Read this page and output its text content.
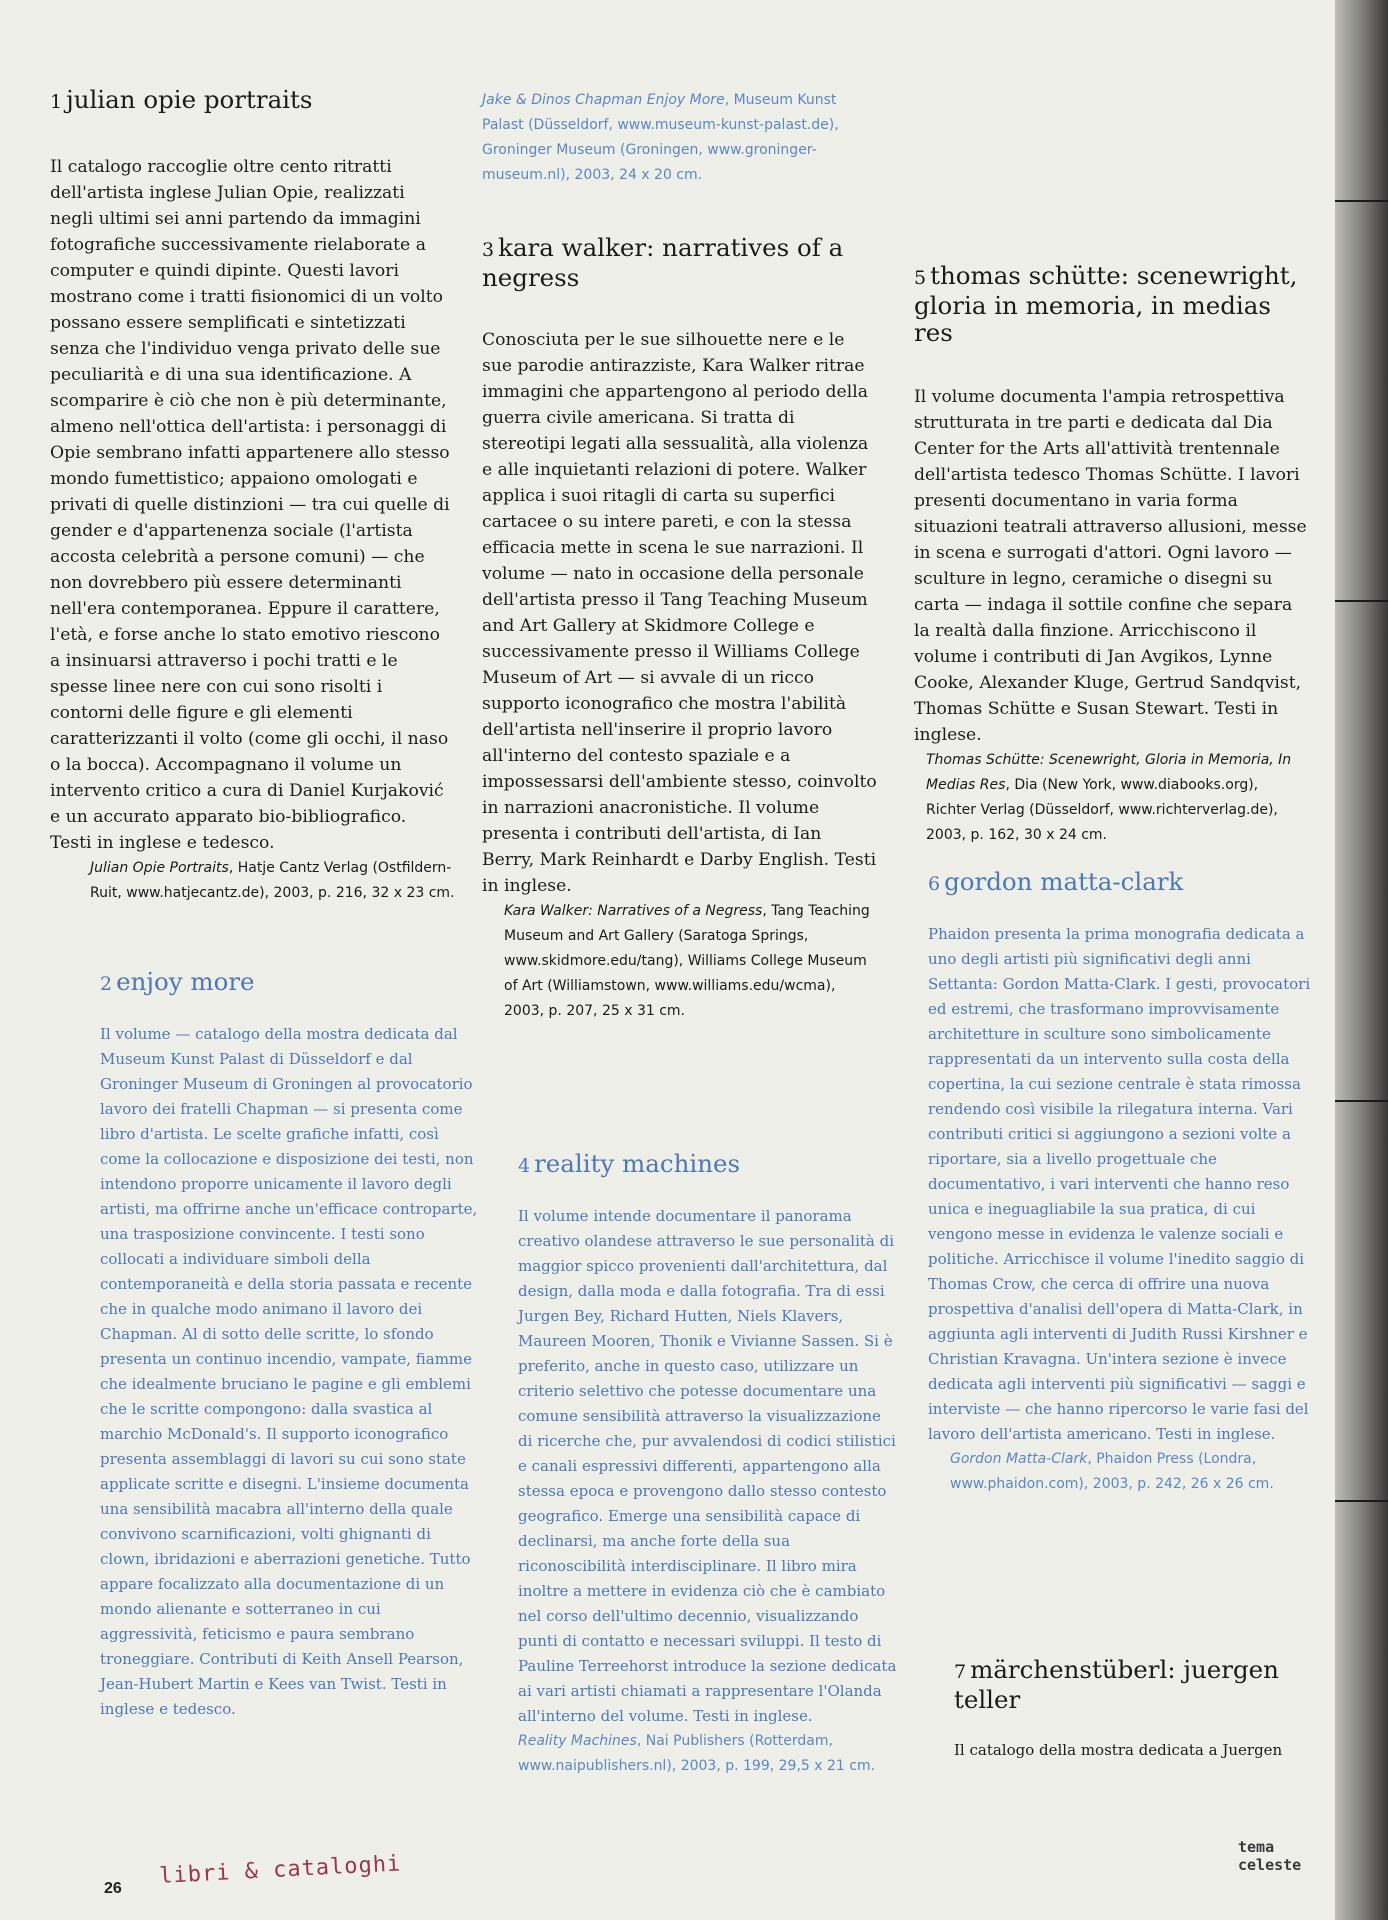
1 julian opie portraits

Il catalogo raccoglie oltre cento ritratti dell'artista inglese Julian Opie, realizzati negli ultimi sei anni partendo da immagini fotografiche successivamente rielaborate a computer e quindi dipinte. Questi lavori mostrano come i tratti fisionomici di un volto possano essere semplificati e sintetizzati senza che l'individuo venga privato delle sue peculiarità e di una sua identificazione. A scomparire è ciò che non è più determinante, almeno nell'ottica dell'artista: i personaggi di Opie sembrano infatti appartenere allo stesso mondo fumettistico; appaiono omologati e privati di quelle distinzioni — tra cui quelle di gender e d'appartenenza sociale (l'artista accosta celebrità a persone comuni) — che non dovrebbero più essere determinanti nell'era contemporanea. Eppure il carattere, l'età, e forse anche lo stato emotivo riescono a insinuarsi attraverso i pochi tratti e le spesse linee nere con cui sono risolti i contorni delle figure e gli elementi caratterizzanti il volto (come gli occhi, il naso o la bocca). Accompagnano il volume un intervento critico a cura di Daniel Kurjaković e un accurato apparato bio-bibliografico. Testi in inglese e tedesco.

Julian Opie Portraits, Hatje Cantz Verlag (Ostfildern-Ruit, www.hatjecantz.de), 2003, p. 216, 32 x 23 cm.
2 enjoy more

Il volume — catalogo della mostra dedicata dal Museum Kunst Palast di Düsseldorf e dal Groninger Museum di Groningen al provocatorio lavoro dei fratelli Chapman — si presenta come libro d'artista. Le scelte grafiche infatti, così come la collocazione e disposizione dei testi, non intendono proporre unicamente il lavoro degli artisti, ma offrirne anche un'efficace controparte, una trasposizione convincente. I testi sono collocati a individuare simboli della contemporaneità e della storia passata e recente che in qualche modo animano il lavoro dei Chapman. Al di sotto delle scritte, lo sfondo presenta un continuo incendio, vampate, fiamme che idealmente bruciano le pagine e gli emblemi che le scritte compongono: dalla svastica al marchio McDonald's. Il supporto iconografico presenta assemblaggi di lavori su cui sono state applicate scritte e disegni. L'insieme documenta una sensibilità macabra all'interno della quale convivono scarnificazioni, volti ghignanti di clown, ibridazioni e aberrazioni genetiche. Tutto appare focalizzato alla documentazione di un mondo alienante e sotterraneo in cui aggressività, feticismo e paura sembrano troneggiare. Contributi di Keith Ansell Pearson, Jean-Hubert Martin e Kees van Twist. Testi in inglese e tedesco.

Jake & Dinos Chapman Enjoy More, Museum Kunst Palast (Düsseldorf, www.museum-kunst-palast.de), Groninger Museum (Groningen, www.groninger-museum.nl), 2003, 24 x 20 cm.
3 kara walker: narratives of a negress

Conosciuta per le sue silhouette nere e le sue parodie antirazziste, Kara Walker ritrae immagini che appartengono al periodo della guerra civile americana. Si tratta di stereotipi legati alla sessualità, alla violenza e alle inquietanti relazioni di potere. Walker applica i suoi ritagli di carta su superfici cartacee o su intere pareti, e con la stessa efficacia mette in scena le sue narrazioni. Il volume — nato in occasione della personale dell'artista presso il Tang Teaching Museum and Art Gallery at Skidmore College e successivamente presso il Williams College Museum of Art — si avvale di un ricco supporto iconografico che mostra l'abilità dell'artista nell'inserire il proprio lavoro all'interno del contesto spaziale e a impossessarsi dell'ambiente stesso, coinvolto in narrazioni anacronistiche. Il volume presenta i contributi dell'artista, di Ian Berry, Mark Reinhardt e Darby English. Testi in inglese.

Kara Walker: Narratives of a Negress, Tang Teaching Museum and Art Gallery (Saratoga Springs, www.skidmore.edu/tang), Williams College Museum of Art (Williamstown, www.williams.edu/wcma), 2003, p. 207, 25 x 31 cm.
4 reality machines

Il volume intende documentare il panorama creativo olandese attraverso le sue personalità di maggior spicco provenienti dall'architettura, dal design, dalla moda e dalla fotografia. Tra di essi Jurgen Bey, Richard Hutten, Niels Klavers, Maureen Mooren, Thonik e Vivianne Sassen. Si è preferito, anche in questo caso, utilizzare un criterio selettivo che potesse documentare una comune sensibilità attraverso la visualizzazione di ricerche che, pur avvalendosi di codici stilistici e canali espressivi differenti, appartengono alla stessa epoca e provengono dallo stesso contesto geografico. Emerge una sensibilità capace di declinarsi, ma anche forte della sua riconoscibilità interdisciplinare. Il libro mira inoltre a mettere in evidenza ciò che è cambiato nel corso dell'ultimo decennio, visualizzando punti di contatto e necessari sviluppi. Il testo di Pauline Terreehorst introduce la sezione dedicata ai vari artisti chiamati a rappresentare l'Olanda all'interno del volume. Testi in inglese.

Reality Machines, Nai Publishers (Rotterdam, www.naipublishers.nl), 2003, p. 199, 29,5 x 21 cm.
5 thomas schütte: scenewright, gloria in memoria, in medias res

Il volume documenta l'ampia retrospettiva strutturata in tre parti e dedicata dal Dia Center for the Arts all'attività trentennale dell'artista tedesco Thomas Schütte. I lavori presenti documentano in varia forma situazioni teatrali attraverso allusioni, messe in scena e surrogati d'attori. Ogni lavoro — sculture in legno, ceramiche o disegni su carta — indaga il sottile confine che separa la realtà dalla finzione. Arricchiscono il volume i contributi di Jan Avgikos, Lynne Cooke, Alexander Kluge, Gertrud Sandqvist, Thomas Schütte e Susan Stewart. Testi in inglese.

Thomas Schütte: Scenewright, Gloria in Memoria, In Medias Res, Dia (New York, www.diabooks.org), Richter Verlag (Düsseldorf, www.richterverlag.de), 2003, p. 162, 30 x 24 cm.
6 gordon matta-clark

Phaidon presenta la prima monografia dedicata a uno degli artisti più significativi degli anni Settanta: Gordon Matta-Clark. I gesti, provocatori ed estremi, che trasformano improvvisamente architetture in sculture sono simbolicamente rappresentati da un intervento sulla costa della copertina, la cui sezione centrale è stata rimossa rendendo così visibile la rilegatura interna. Vari contributi critici si aggiungono a sezioni volte a riportare, sia a livello progettuale che documentativo, i vari interventi che hanno reso unica e ineguagliabile la sua pratica, di cui vengono messe in evidenza le valenze sociali e politiche. Arricchisce il volume l'inedito saggio di Thomas Crow, che cerca di offrire una nuova prospettiva d'analisi dell'opera di Matta-Clark, in aggiunta agli interventi di Judith Russi Kirshner e Christian Kravagna. Un'intera sezione è invece dedicata agli interventi più significativi — saggi e interviste — che hanno ripercorso le varie fasi del lavoro dell'artista americano. Testi in inglese.

Gordon Matta-Clark, Phaidon Press (Londra, www.phaidon.com), 2003, p. 242, 26 x 26 cm.
7 märchenstüberl: juergen teller

Il catalogo della mostra dedicata a Juergen

26 libri & cataloghi
tema celeste
